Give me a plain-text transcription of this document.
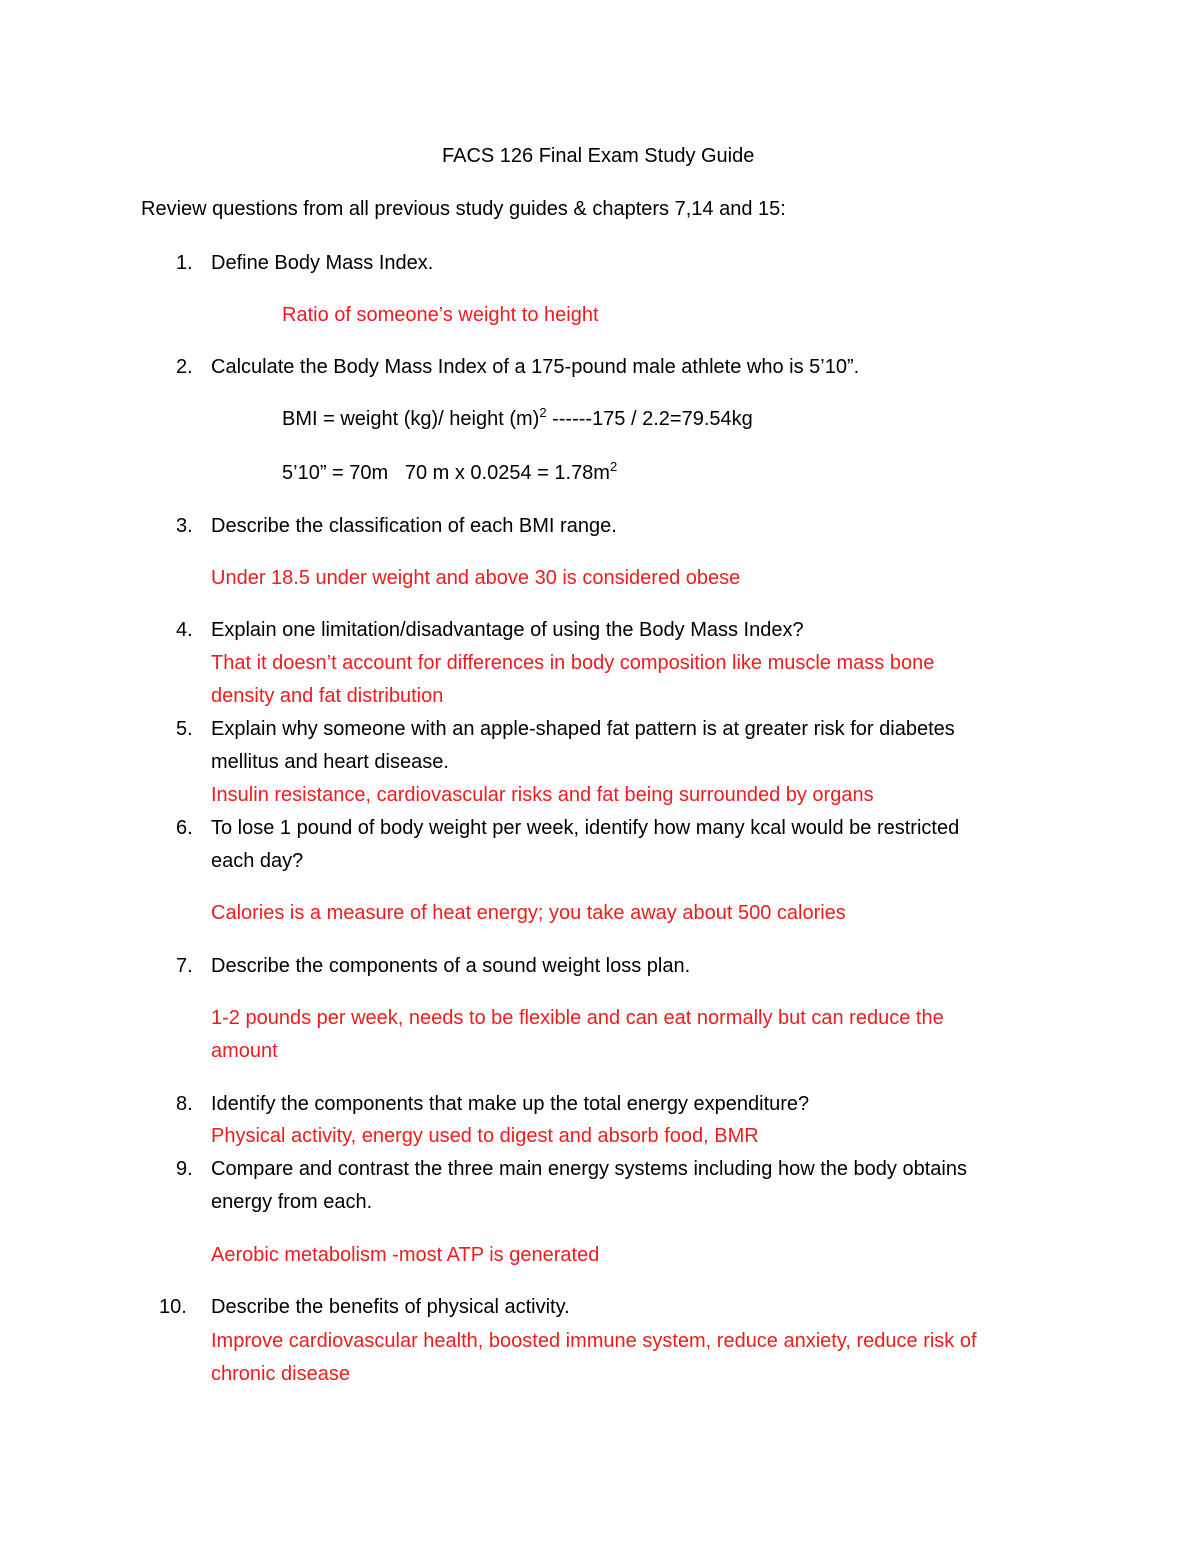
FACS 126 Final Exam Study Guide
Review questions from all previous study guides & chapters 7,14 and 15:
1. Define Body Mass Index.
Ratio of someone’s weight to height
2. Calculate the Body Mass Index of a 175-pound male athlete who is 5’10”.
BMI = weight (kg)/ height $(m)^2$ ------175 / 2.2=79.54kg
5’10” = 70m   70 m x $0.0254 = 1.78m^2$
3. Describe the classification of each BMI range.
Under 18.5 under weight and above 30 is considered obese
4. Explain one limitation/disadvantage of using the Body Mass Index?
That it doesn’t account for differences in body composition like muscle mass bone
density and fat distribution
5. Explain why someone with an apple-shaped fat pattern is at greater risk for diabetes
mellitus and heart disease.
Insulin resistance, cardiovascular risks and fat being surrounded by organs
6. To lose 1 pound of body weight per week, identify how many kcal would be restricted
each day?
Calories is a measure of heat energy; you take away about 500 calories
7. Describe the components of a sound weight loss plan.
1-2 pounds per week, needs to be flexible and can eat normally but can reduce the
amount
8. Identify the components that make up the total energy expenditure?
Physical activity, energy used to digest and absorb food, BMR
9. Compare and contrast the three main energy systems including how the body obtains
energy from each.
Aerobic metabolism -most ATP is generated
10. Describe the benefits of physical activity.
Improve cardiovascular health, boosted immune system, reduce anxiety, reduce risk of
chronic disease
